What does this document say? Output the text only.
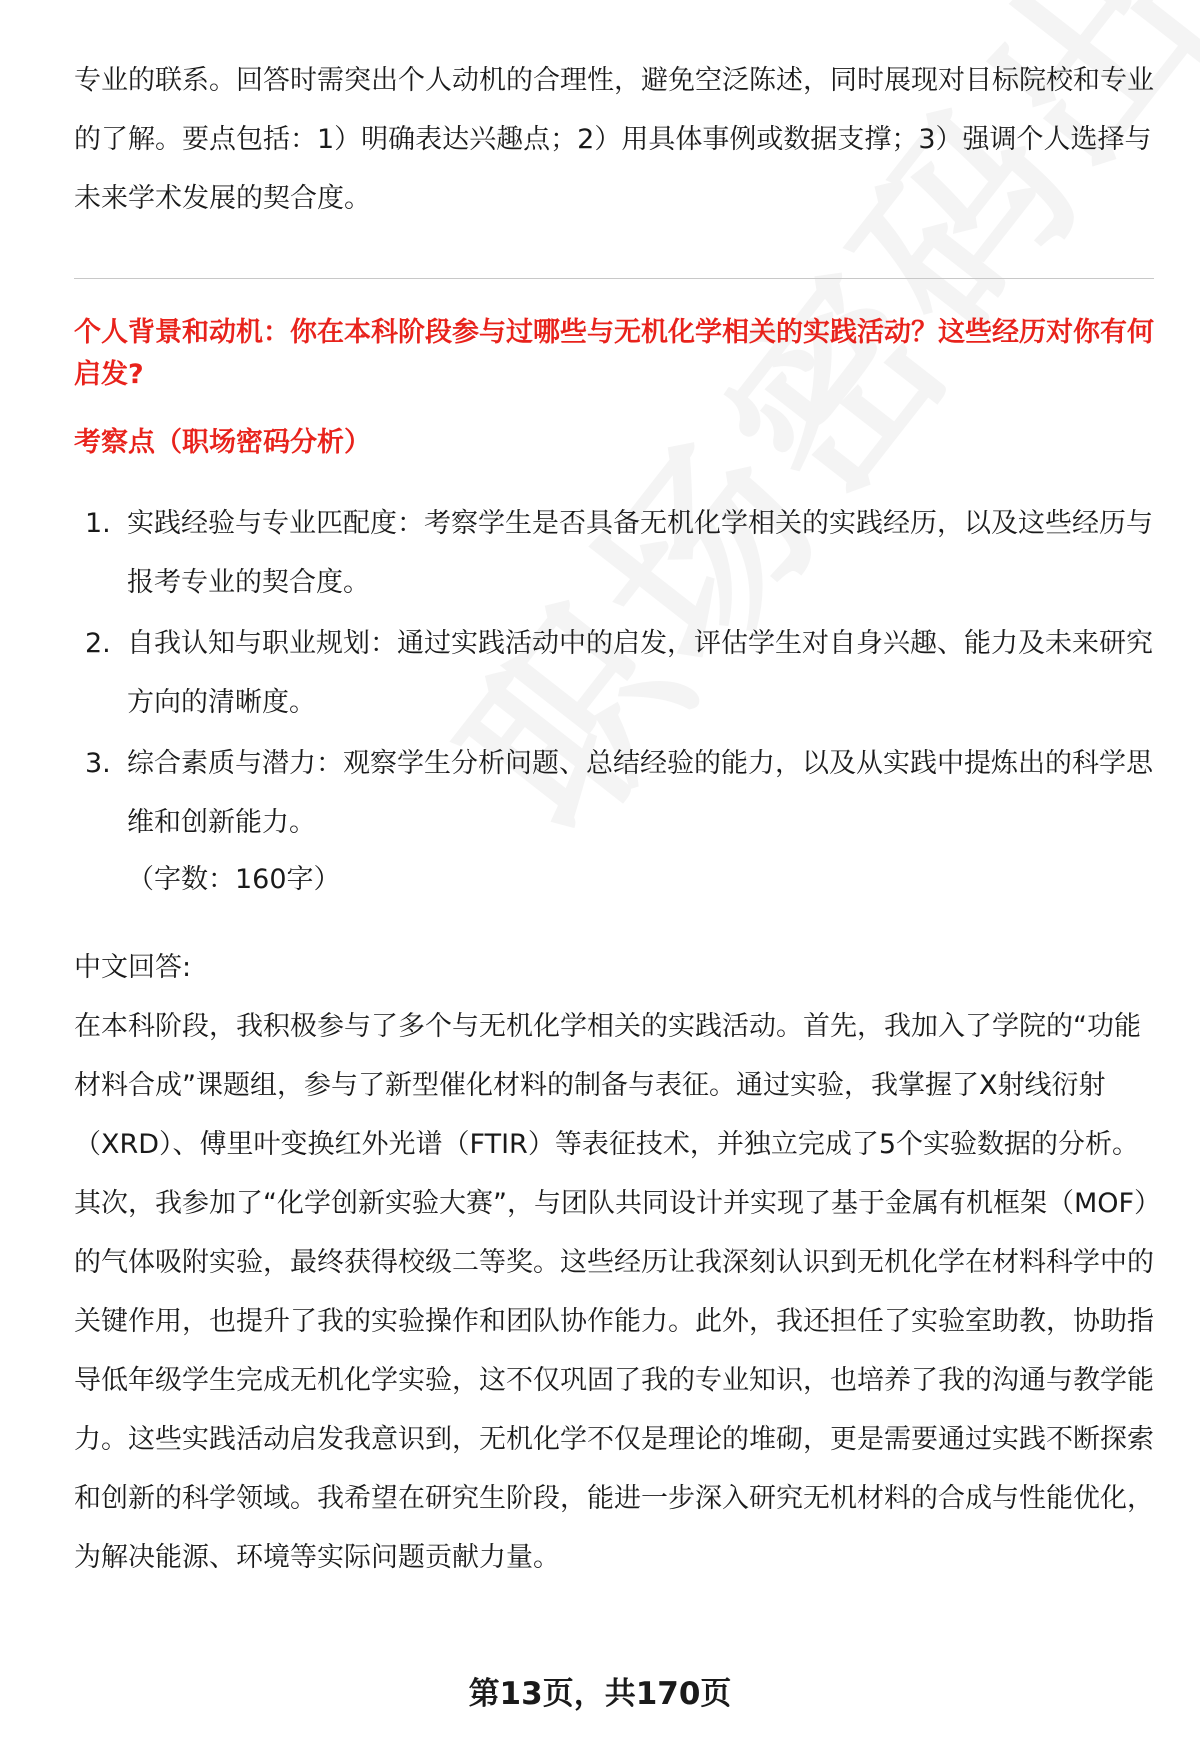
专业的联系。回答时需突出个人动机的合理性，避免空泛陈述，同时展现对目标院校和专业的了解。要点包括：1）明确表达兴趣点；2）用具体事例或数据支撑；3）强调个人选择与未来学术发展的契合度。

个人背景和动机：你在本科阶段参与过哪些与无机化学相关的实践活动？这些经历对你有何启发?

考察点（职场密码分析）

1. 实践经验与专业匹配度：考察学生是否具备无机化学相关的实践经历，以及这些经历与报考专业的契合度。
2. 自我认知与职业规划：通过实践活动中的启发，评估学生对自身兴趣、能力及未来研究方向的清晰度。
3. 综合素质与潜力：观察学生分析问题、总结经验的能力，以及从实践中提炼出的科学思维和创新能力。
（字数：160字）
中文回答:

在本科阶段，我积极参与了多个与无机化学相关的实践活动。首先，我加入了学院的“功能材料合成”课题组，参与了新型催化材料的制备与表征。通过实验，我掌握了X射线衍射（XRD）、傅里叶变换红外光谱（FTIR）等表征技术，并独立完成了5个实验数据的分析。其次，我参加了“化学创新实验大赛”，与团队共同设计并实现了基于金属有机框架（MOF）的气体吸附实验，最终获得校级二等奖。这些经历让我深刻认识到无机化学在材料科学中的关键作用，也提升了我的实验操作和团队协作能力。此外，我还担任了实验室助教，协助指导低年级学生完成无机化学实验，这不仅巩固了我的专业知识，也培养了我的沟通与教学能力。这些实践活动启发我意识到，无机化学不仅是理论的堆砌，更是需要通过实践不断探索和创新的科学领域。我希望在研究生阶段，能进一步深入研究无机材料的合成与性能优化，为解决能源、环境等实际问题贡献力量。

第13页，共170页
